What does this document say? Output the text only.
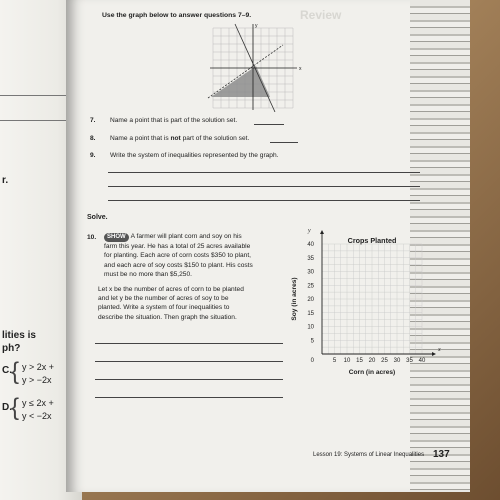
r.
lities is
ph?
C. y > 2x +
y > −2x
{
D. y ≤ 2x +
y < −2x
{
Review
Use the graph below to answer questions 7–9.
x
y
7. Name a point that is part of the solution set.
8. Name a point that is not part of the solution set.
9. Write the system of inequalities represented by the graph.
Solve.
10.	SHOW A farmer will plant corn and soy on his
farm this year. He has a total of 25 acres available
for planting. Each acre of corn costs $350 to plant,
and each acre of soy costs $150 to plant. His costs
must be no more than $5,250.
Let x be the number of acres of corn to be planted
and let y be the number of acres of soy to be
planted. Write a system of four inequalities to
describe the situation. Then graph the situation.
5 10 15 20 25 30 35 40
5
10
15
20
25
30
35
40
0
x
y
Crops Planted
Corn (in acres)
Soy (in acres)
Lesson 19: Systems of Linear Inequalities 137
